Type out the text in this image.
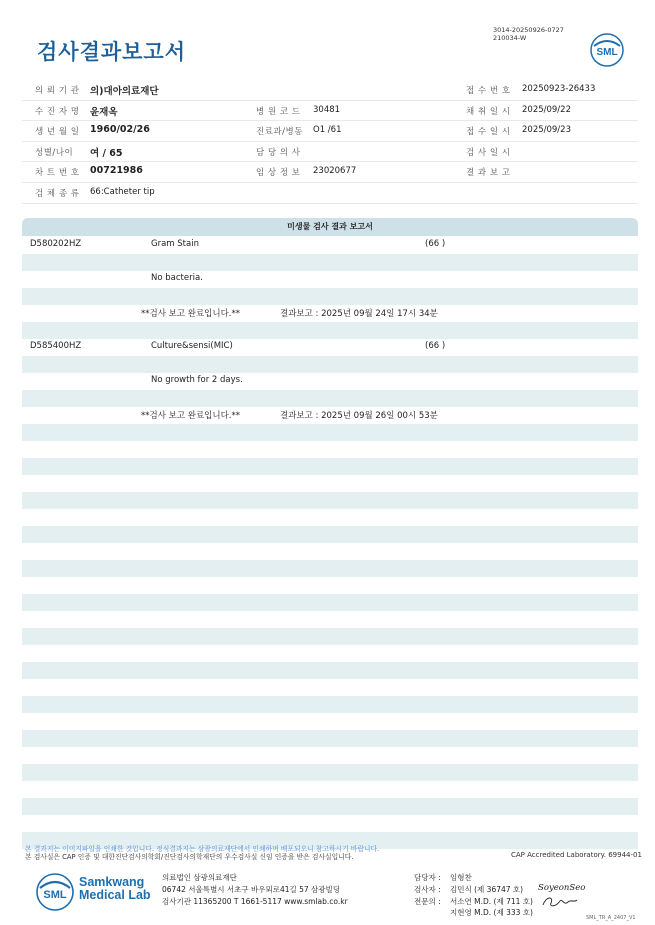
3014-20250926-0727
210034-W
검사결과보고서	SML
의 뢰 기 관 의)대아의료재단	접 수 번 호 20250923-26433
수 진 자 명 윤재옥	병 원 코 드 30481	채 취 일 시 2025/09/22
생 년 월 일 1960/02/26	진료과/병동 O1 /61	접 수 일 시 2025/09/23
성별/나이 여 / 65	담 당 의 사	검 사 일 시
차 트 번 호 00721986	임 상 정 보 23020677	결 과 보 고
검 체 종 류 66:Catheter tip
미생물 검사 결과 보고서
D580202HZ	Gram Stain	(66 )
No bacteria.
**검사 보고 완료입니다.**	결과보고 : 2025년 09월 24일 17시 34분
D585400HZ	Culture&sensi(MIC)	(66 )
No growth for 2 days.
**검사 보고 완료입니다.**	결과보고 : 2025년 09월 26일 00시 53분
본 결과지는 이미지파일을 인쇄한 것입니다. 정식결과지는 삼광의료재단에서 인쇄하며 배포되오니 참고하시기 바랍니다.
본 검사실은 CAP 인증 및 대한진단검사의학회/진단검사의학재단의 우수검사실 신임 인증을 받은 검사실입니다.	CAP Accredited Laboratory. 69944-01
SML
Samkwang
Medical Lab
의료법인 삼광의료재단
06742 서울특별시 서초구 바우뫼로41길 57 삼광빌딩
검사기관 11365200 T 1661-5117 www.smlab.co.kr
담당자 : 임형찬
검사자 : 김민식 (제 36747 호)
전문의 : 서소연 M.D. (제 711 호)
지현영 M.D. (제 333 호)
SoyeonSeo
SML_TR_A_2407_V1
